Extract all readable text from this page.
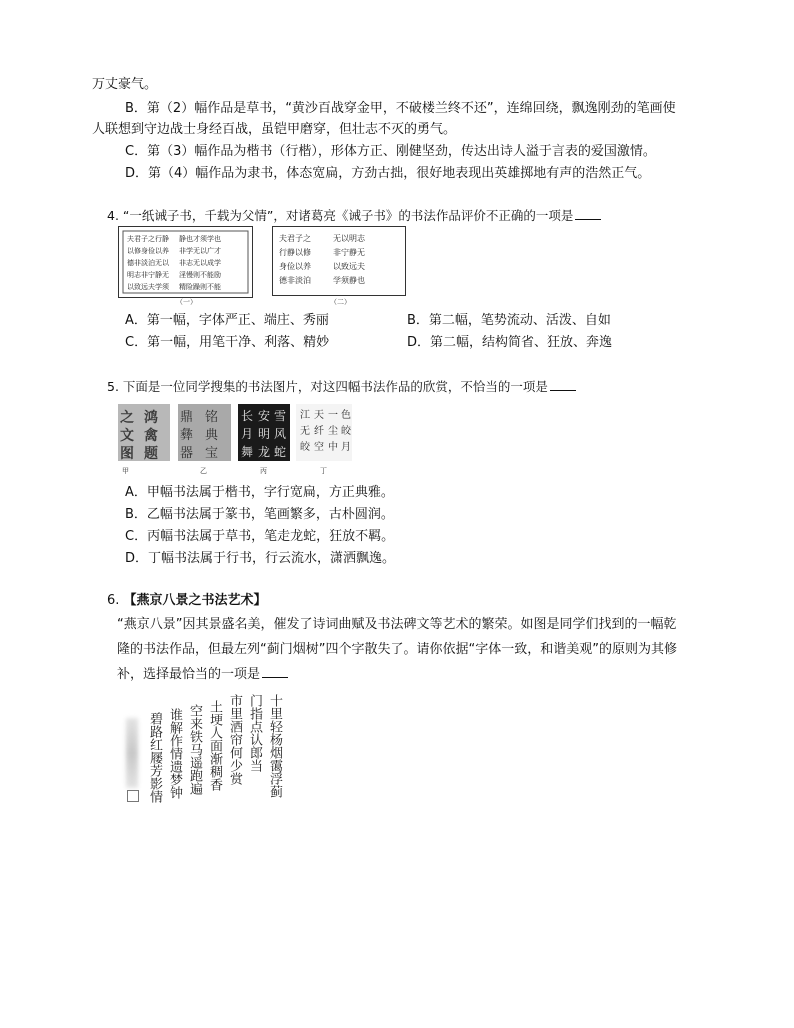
万丈豪气。
B．第（2）幅作品是草书，“黄沙百战穿金甲，不破楼兰终不还”，连绵回绕，飘逸刚劲的笔画使
人联想到守边战士身经百战，虽铠甲磨穿，但壮志不灭的勇气。
C．第（3）幅作品为楷书（行楷），形体方正、刚健坚劲，传达出诗人溢于言表的爱国激情。
D．第（4）幅作品为隶书，体态宽扁，方劲古拙，很好地表现出英雄掷地有声的浩然正气。
4. “一纸诫子书，千载为父情”，对诸葛亮《诫子书》的书法作品评价不正确的一项是
夫君子之行静
以修身俭以养
德非淡泊无以
明志非宁静无
以致远夫学须
静也才须学也
非学无以广才
非志无以成学
淫慢则不能励
精险躁则不能
夫君子之
行静以修
身俭以养
德非淡泊
无以明志
非宁静无
以致远夫
学须静也
（一）	（二）
A．第一幅，字体严正、端庄、秀丽	B．第二幅，笔势流动、活泼、自如
C．第一幅，用笔干净、利落、精妙	D．第二幅，结构简省、狂放、奔逸
5. 下面是一位同学搜集的书法图片，对这四幅书法作品的欣赏，不恰当的一项是
之 鸿
文 禽
图 题
鼎 铭
彝 典
器 宝
长 安 雪
月 明 风
舞 龙 蛇
江 天 一 色
无 纤 尘 皎
皎 空 中 月
甲	乙	丙	丁
A．甲幅书法属于楷书，字行宽扁，方正典雅。
B．乙幅书法属于篆书，笔画繁多，古朴圆润。
C．丙幅书法属于草书，笔走龙蛇，狂放不羁。
D．丁幅书法属于行书，行云流水，潇洒飘逸。
6. 【燕京八景之书法艺术】
“燕京八景”因其景盛名美，催发了诗词曲赋及书法碑文等艺术的繁荣。如图是同学们找到的一幅乾
隆的书法作品，但最左列“蓟门烟树”四个字散失了。请你依据“字体一致，和谐美观”的原则为其修
补，选择最恰当的一项是
十里轻杨烟霭浮蓟
门指点认郎当
市里酒帘何少赏
土埂人面渐稠香
空来铁马遥跑遍
谁解作情遗梦钟
碧路红屦芳影情
